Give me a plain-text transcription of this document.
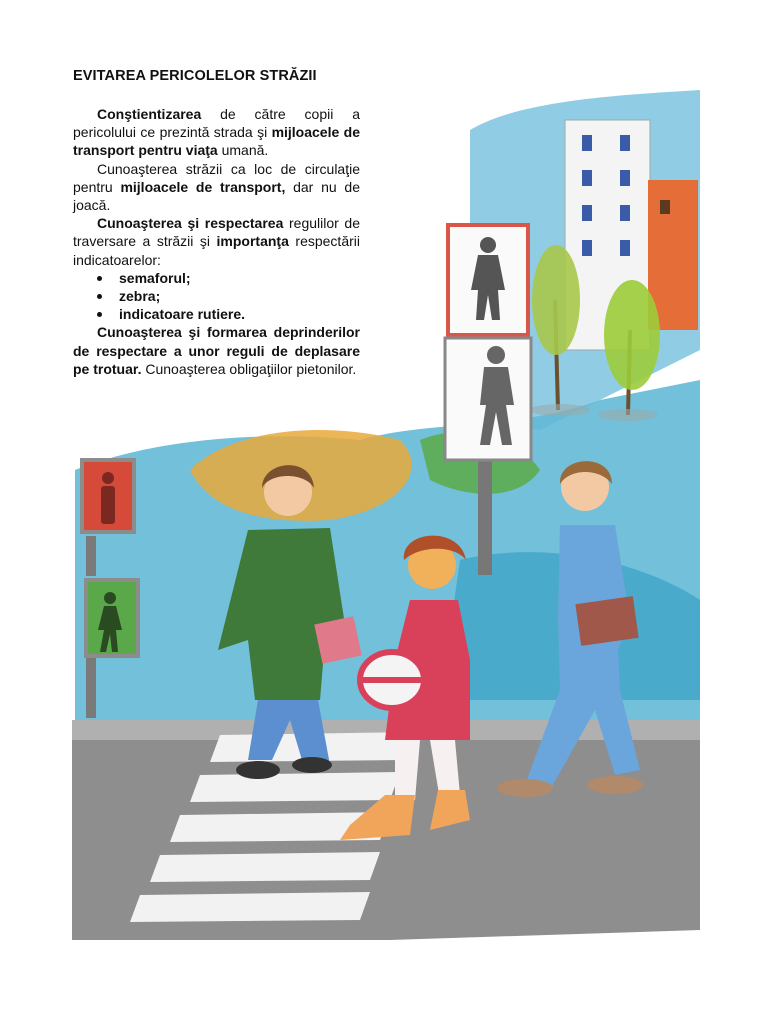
EVITAREA PERICOLELOR STRĂZII

Conştientizarea de către copii a pericolului ce prezintă strada şi mijloacele de transport pentru viaţa umană.

Cunoaşterea străzii ca loc de circulaţie pentru mijloacele de transport, dar nu de joacă.

Cunoaşterea şi respectarea regulilor de traversare a străzii şi importanţa respectării indicatoarelor:

semaforul;
zebra;
indicatoare rutiere.

Cunoaşterea şi formarea deprinderilor de respectare a unor reguli de deplasare pe trotuar. Cunoaşterea obligaţiilor pietonilor.
